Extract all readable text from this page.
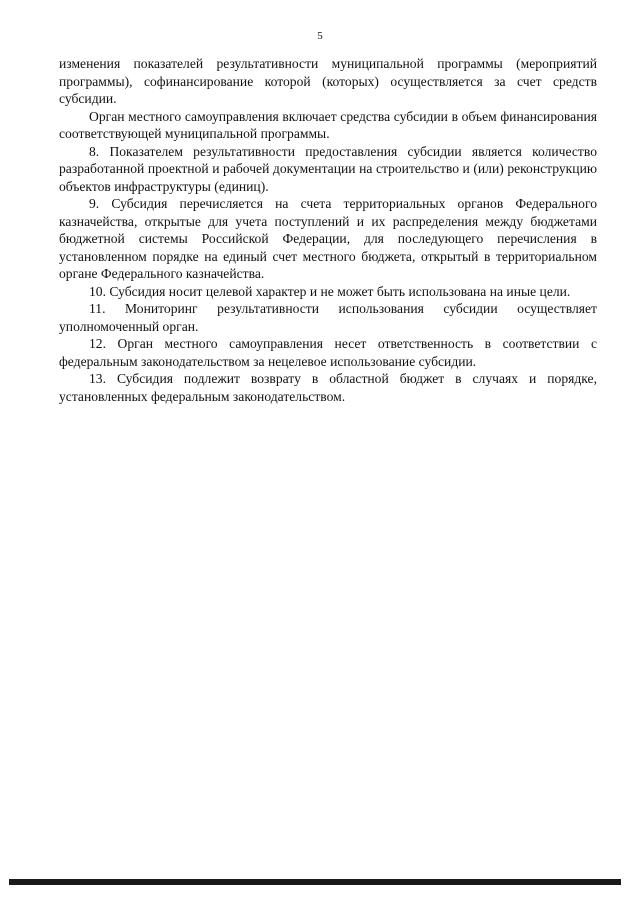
5

изменения показателей результативности муниципальной программы (мероприятий программы), софинансирование которой (которых) осуществляется за счет средств субсидии.

Орган местного самоуправления включает средства субсидии в объем финансирования соответствующей муниципальной программы.

8. Показателем результативности предоставления субсидии является количество разработанной проектной и рабочей документации на строительство и (или) реконструкцию объектов инфраструктуры (единиц).

9. Субсидия перечисляется на счета территориальных органов Федерального казначейства, открытые для учета поступлений и их распределения между бюджетами бюджетной системы Российской Федерации, для последующего перечисления в установленном порядке на единый счет местного бюджета, открытый в территориальном органе Федерального казначейства.

10. Субсидия носит целевой характер и не может быть использована на иные цели.

11. Мониторинг результативности использования субсидии осуществляет уполномоченный орган.

12. Орган местного самоуправления несет ответственность в соответствии с федеральным законодательством за нецелевое использование субсидии.

13. Субсидия подлежит возврату в областной бюджет в случаях и порядке, установленных федеральным законодательством.
